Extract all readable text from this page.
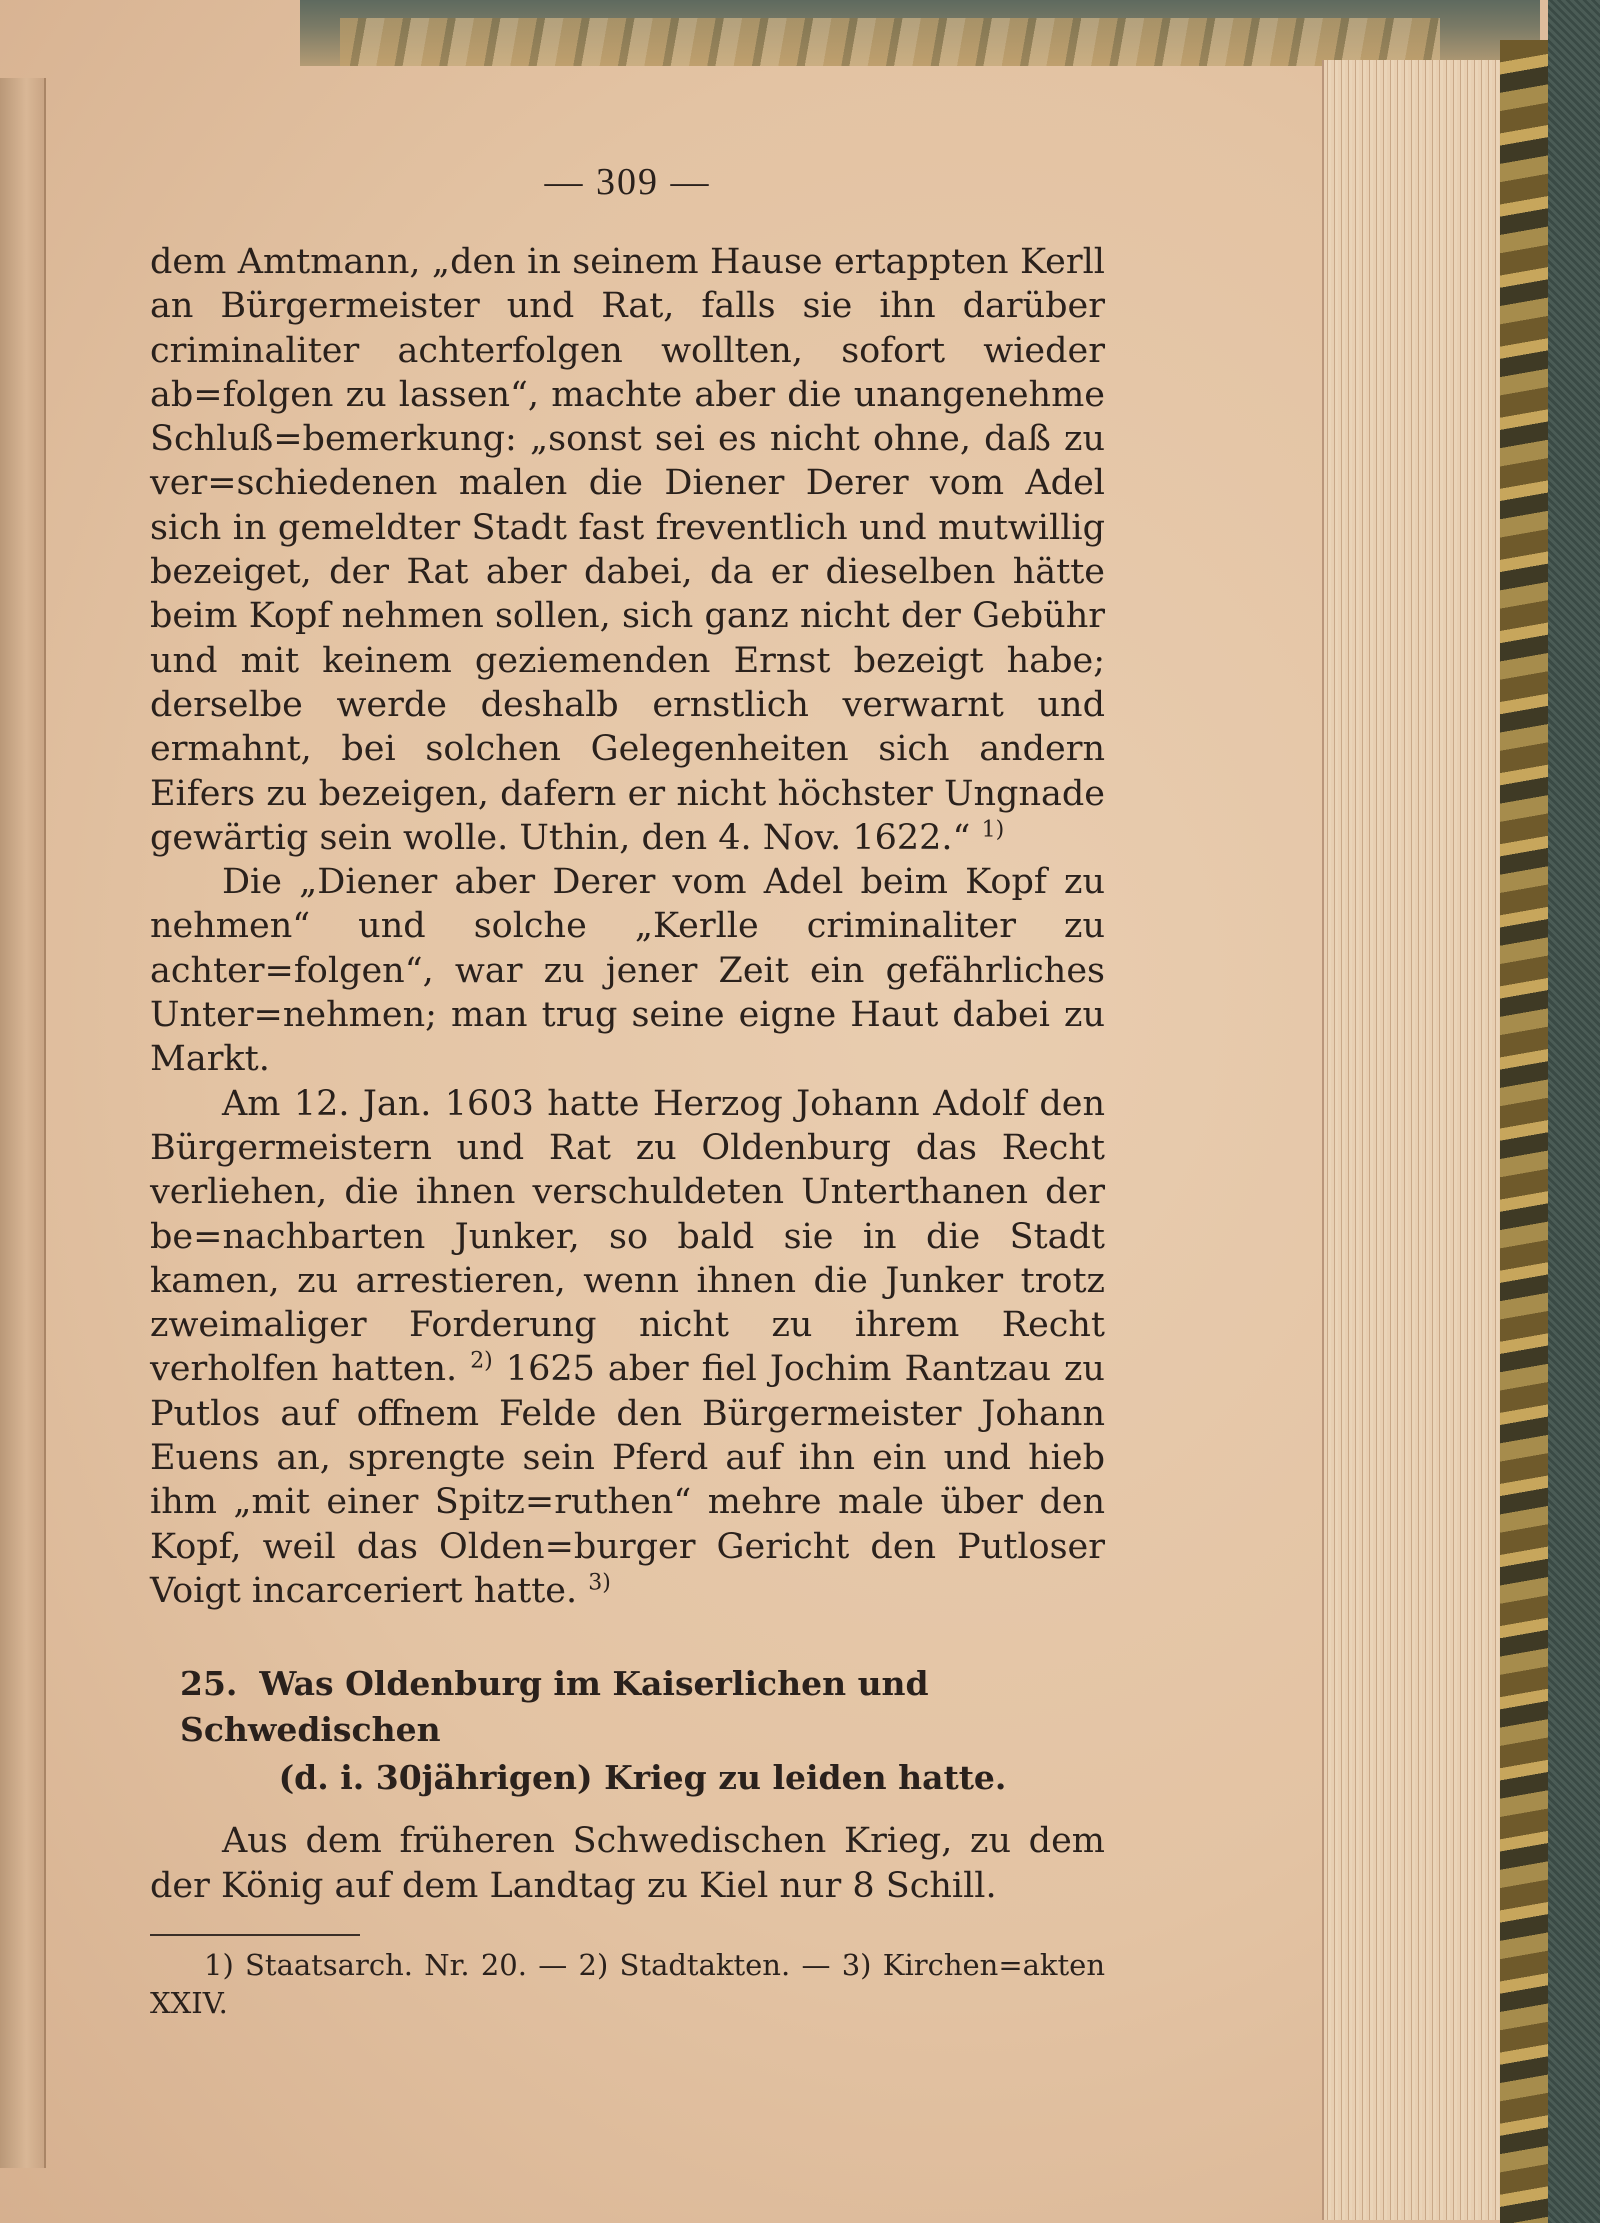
— 309 —

dem Amtmann, „den in seinem Hause ertappten Kerll an Bürgermeister und Rat, falls sie ihn darüber criminaliter achterfolgen wollten, sofort wieder ab=folgen zu lassen“, machte aber die unangenehme Schluß=bemerkung: „sonst sei es nicht ohne, daß zu ver=schiedenen malen die Diener Derer vom Adel sich in gemeldter Stadt fast freventlich und mutwillig bezeiget, der Rat aber dabei, da er dieselben hätte beim Kopf nehmen sollen, sich ganz nicht der Gebühr und mit keinem geziemenden Ernst bezeigt habe; derselbe werde deshalb ernstlich verwarnt und ermahnt, bei solchen Gelegenheiten sich andern Eifers zu bezeigen, dafern er nicht höchster Ungnade gewärtig sein wolle. Uthin, den 4. Nov. 1622.“ $^{1)}$

Die „Diener aber Derer vom Adel beim Kopf zu nehmen“ und solche „Kerlle criminaliter zu achter=folgen“, war zu jener Zeit ein gefährliches Unter=nehmen; man trug seine eigne Haut dabei zu Markt.

Am 12. Jan. 1603 hatte Herzog Johann Adolf den Bürgermeistern und Rat zu Oldenburg das Recht verliehen, die ihnen verschuldeten Unterthanen der be=nachbarten Junker, so bald sie in die Stadt kamen, zu arrestieren, wenn ihnen die Junker trotz zweimaliger Forderung nicht zu ihrem Recht verholfen hatten. $^{2)}$ 1625 aber fiel Jochim Rantzau zu Putlos auf offnem Felde den Bürgermeister Johann Euens an, sprengte sein Pferd auf ihn ein und hieb ihm „mit einer Spitz=ruthen“ mehre male über den Kopf, weil das Olden=burger Gericht den Putloser Voigt incarceriert hatte. $^{3)}$

25. Was Oldenburg im Kaiserlichen und Schwedischen
(d. i. 30jährigen) Krieg zu leiden hatte.

Aus dem früheren Schwedischen Krieg, zu dem der König auf dem Landtag zu Kiel nur 8 Schill.

1) Staatsarch. Nr. 20. — 2) Stadtakten. — 3) Kirchen=akten XXIV.
